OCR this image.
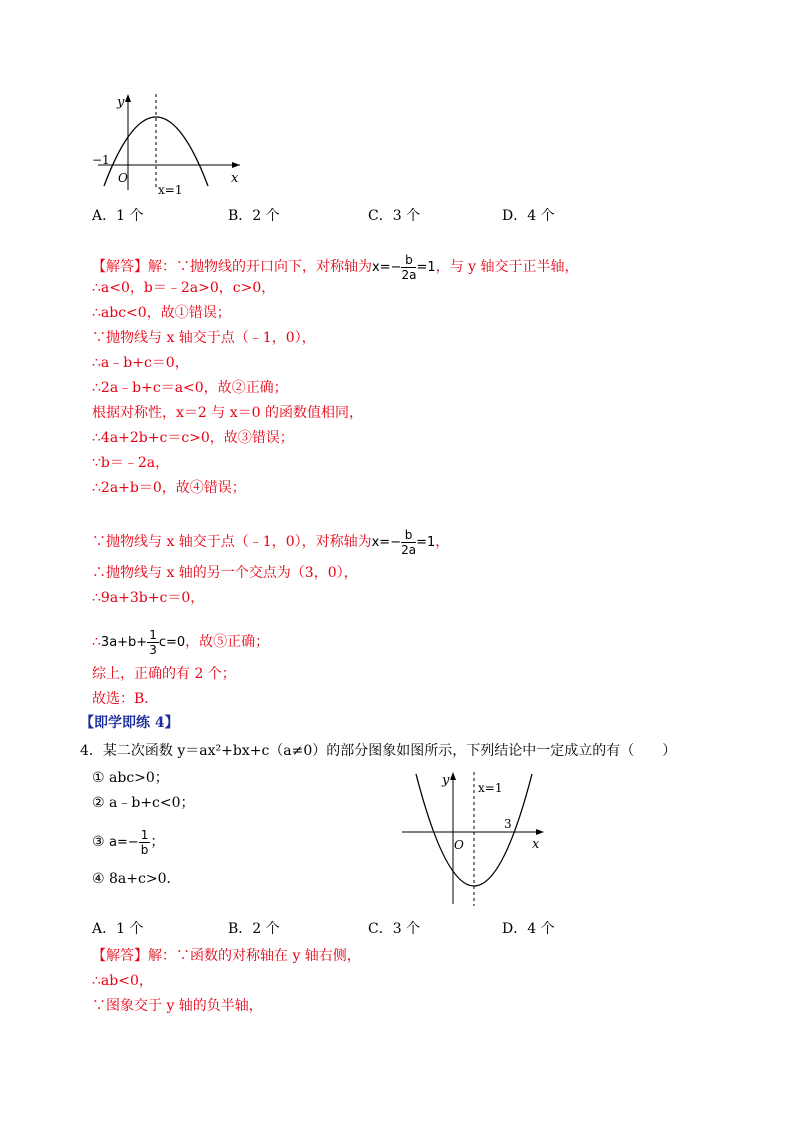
y
x
O
−1
x=1
A．1 个	B．2 个	C．3 个	D．4 个
【解答】解：∵抛物线的开口向下，对称轴为$x=- \frac{b}{2a} =1$，与 y 轴交于正半轴，
∴a<0，b＝﹣2a>0，c>0，
∴abc<0，故①错误；
∵抛物线与 x 轴交于点（﹣1，0），
∴a﹣b+c＝0，
∴2a﹣b+c＝a<0，故②正确；
根据对称性，x＝2 与 x＝0 的函数值相同，
∴4a+2b+c＝c>0，故③错误；
∵b＝﹣2a，
∴2a+b＝0，故④错误；
∵抛物线与 x 轴交于点（﹣1，0），对称轴为$x=- \frac{b}{2a} =1$，
∴抛物线与 x 轴的另一个交点为（3，0），
∴9a+3b+c＝0，
∴3a+b+ $\frac{1}{3} c=0$，故⑤正确；
综上，正确的有 2 个；
故选：B．
【即学即练 4】
4．某二次函数 y＝ax²+bx+c（a≠0）的部分图象如图所示，下列结论中一定成立的有（　　）
① abc>0；
② a﹣b+c<0；
③ $a=- \frac{1}{b}$ ；
④ 8a+c>0．
y
x
O
3
x=1
A．1 个	B．2 个	C．3 个	D．4 个
【解答】解：∵函数的对称轴在 y 轴右侧，
∴ab<0，
∵图象交于 y 轴的负半轴，
